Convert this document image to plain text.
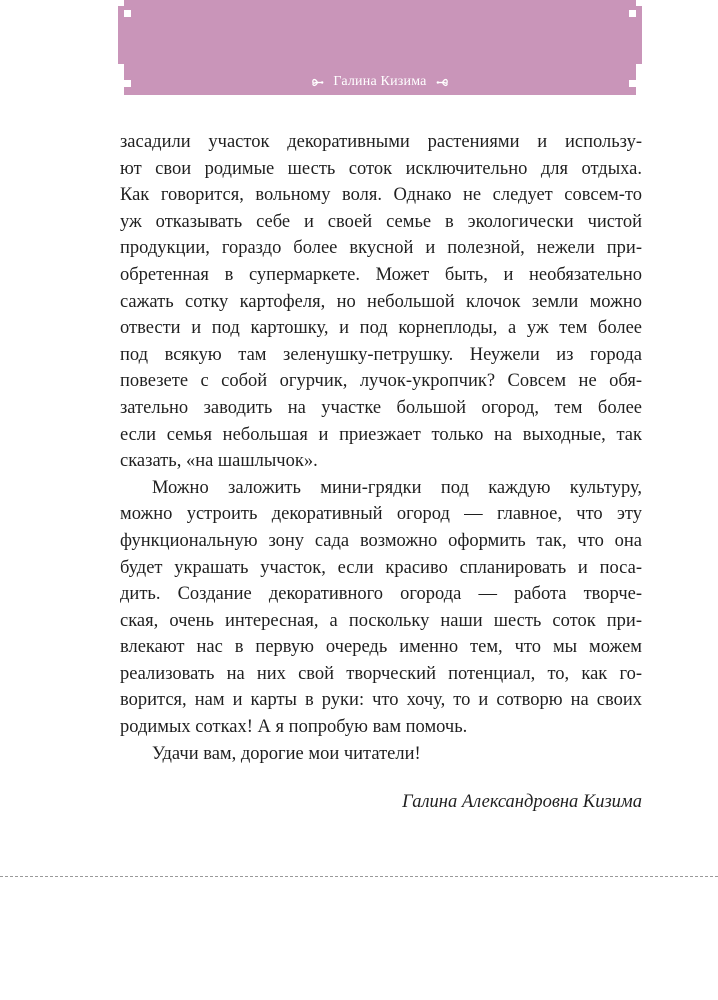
Галина Кизима
засадили участок декоративными растениями и использу-
ют свои родимые шесть соток исключительно для отдыха.
Как говорится, вольному воля. Однако не следует совсем-то
уж отказывать себе и своей семье в экологически чистой
продукции, гораздо более вкусной и полезной, нежели при-
обретенная в супермаркете. Может быть, и необязательно
сажать сотку картофеля, но небольшой клочок земли можно
отвести и под картошку, и под корнеплоды, а уж тем более
под всякую там зеленушку-петрушку. Неужели из города
повезете с собой огурчик, лучок-укропчик? Совсем не обя-
зательно заводить на участке большой огород, тем более
если семья небольшая и приезжает только на выходные, так
сказать, «на шашлычок».
Можно заложить мини-грядки под каждую культуру,
можно устроить декоративный огород — главное, что эту
функциональную зону сада возможно оформить так, что она
будет украшать участок, если красиво спланировать и поса-
дить. Создание декоративного огорода — работа творче-
ская, очень интересная, а поскольку наши шесть соток при-
влекают нас в первую очередь именно тем, что мы можем
реализовать на них свой творческий потенциал, то, как го-
ворится, нам и карты в руки: что хочу, то и сотворю на своих
родимых сотках! А я попробую вам помочь.
Удачи вам, дорогие мои читатели!
Галина Александровна Кизима
